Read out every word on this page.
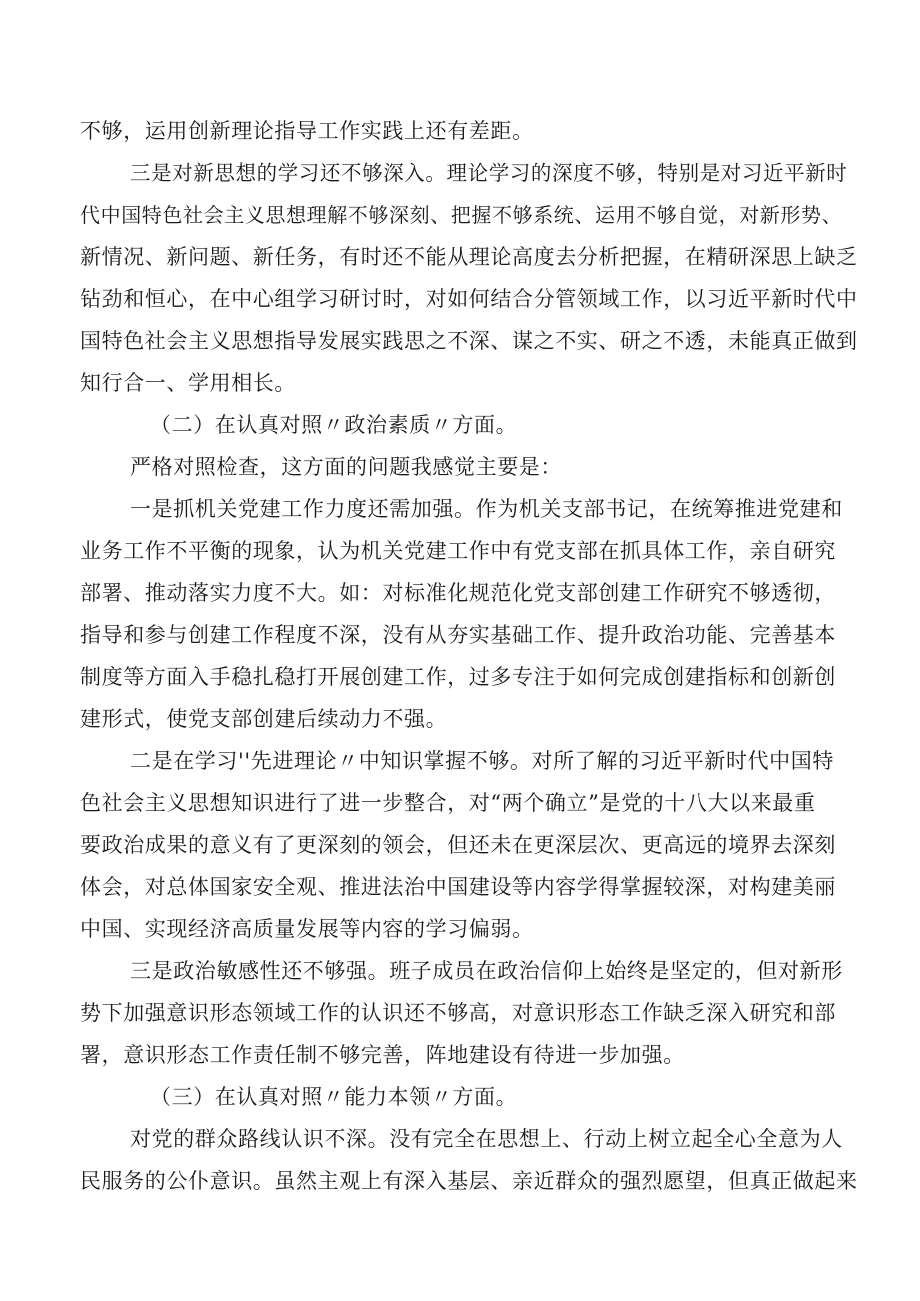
不够，运用创新理论指导工作实践上还有差距。
三是对新思想的学习还不够深入。理论学习的深度不够，特别是对习近平新时
代中国特色社会主义思想理解不够深刻、把握不够系统、运用不够自觉，对新形势、
新情况、新问题、新任务，有时还不能从理论高度去分析把握，在精研深思上缺乏
钻劲和恒心，在中心组学习研讨时，对如何结合分管领域工作，以习近平新时代中
国特色社会主义思想指导发展实践思之不深、谋之不实、研之不透，未能真正做到
知行合一、学用相长。
（二）在认真对照〃政治素质〃方面。
严格对照检查，这方面的问题我感觉主要是：
一是抓机关党建工作力度还需加强。作为机关支部书记，在统筹推进党建和
业务工作不平衡的现象，认为机关党建工作中有党支部在抓具体工作，亲自研究
部署、推动落实力度不大。如：对标准化规范化党支部创建工作研究不够透彻，
指导和参与创建工作程度不深，没有从夯实基础工作、提升政治功能、完善基本
制度等方面入手稳扎稳打开展创建工作，过多专注于如何完成创建指标和创新创
建形式，使党支部创建后续动力不强。
二是在学习''先进理论〃中知识掌握不够。对所了解的习近平新时代中国特
色社会主义思想知识进行了进一步整合，对“两个确立”是党的十八大以来最重
要政治成果的意义有了更深刻的领会，但还未在更深层次、更高远的境界去深刻
体会，对总体国家安全观、推进法治中国建设等内容学得掌握较深，对构建美丽
中国、实现经济高质量发展等内容的学习偏弱。
三是政治敏感性还不够强。班子成员在政治信仰上始终是坚定的，但对新形
势下加强意识形态领域工作的认识还不够高，对意识形态工作缺乏深入研究和部
署，意识形态工作责任制不够完善，阵地建设有待进一步加强。
（三）在认真对照〃能力本领〃方面。
对党的群众路线认识不深。没有完全在思想上、行动上树立起全心全意为人
民服务的公仆意识。虽然主观上有深入基层、亲近群众的强烈愿望，但真正做起来
